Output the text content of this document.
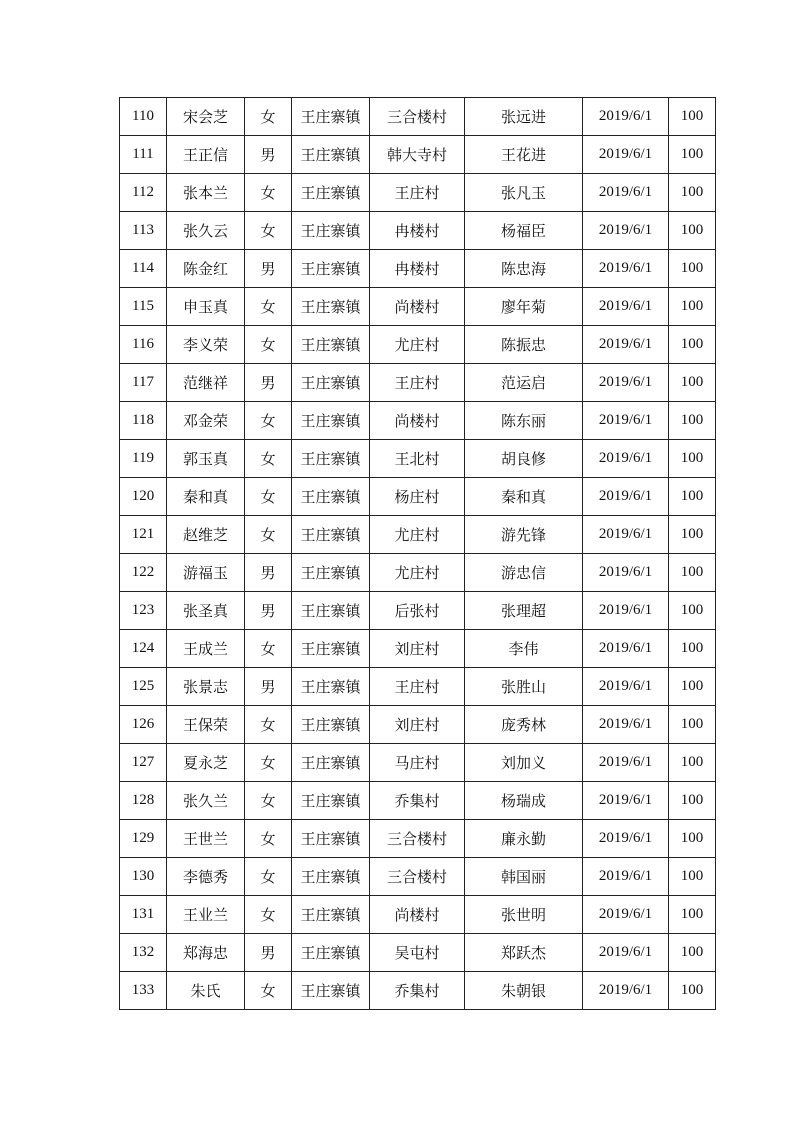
110	宋会芝	女	王庄寨镇	三合楼村	张远进	2019/6/1	100
111	王正信	男	王庄寨镇	韩大寺村	王花进	2019/6/1	100
112	张本兰	女	王庄寨镇	王庄村	张凡玉	2019/6/1	100
113	张久云	女	王庄寨镇	冉楼村	杨福臣	2019/6/1	100
114	陈金红	男	王庄寨镇	冉楼村	陈忠海	2019/6/1	100
115	申玉真	女	王庄寨镇	尚楼村	廖年菊	2019/6/1	100
116	李义荣	女	王庄寨镇	尤庄村	陈振忠	2019/6/1	100
117	范继祥	男	王庄寨镇	王庄村	范运启	2019/6/1	100
118	邓金荣	女	王庄寨镇	尚楼村	陈东丽	2019/6/1	100
119	郭玉真	女	王庄寨镇	王北村	胡良修	2019/6/1	100
120	秦和真	女	王庄寨镇	杨庄村	秦和真	2019/6/1	100
121	赵维芝	女	王庄寨镇	尤庄村	游先锋	2019/6/1	100
122	游福玉	男	王庄寨镇	尤庄村	游忠信	2019/6/1	100
123	张圣真	男	王庄寨镇	后张村	张理超	2019/6/1	100
124	王成兰	女	王庄寨镇	刘庄村	李伟	2019/6/1	100
125	张景志	男	王庄寨镇	王庄村	张胜山	2019/6/1	100
126	王保荣	女	王庄寨镇	刘庄村	庞秀林	2019/6/1	100
127	夏永芝	女	王庄寨镇	马庄村	刘加义	2019/6/1	100
128	张久兰	女	王庄寨镇	乔集村	杨瑞成	2019/6/1	100
129	王世兰	女	王庄寨镇	三合楼村	廉永勤	2019/6/1	100
130	李德秀	女	王庄寨镇	三合楼村	韩国丽	2019/6/1	100
131	王业兰	女	王庄寨镇	尚楼村	张世明	2019/6/1	100
132	郑海忠	男	王庄寨镇	吴屯村	郑跃杰	2019/6/1	100
133	朱氏	女	王庄寨镇	乔集村	朱朝银	2019/6/1	100
